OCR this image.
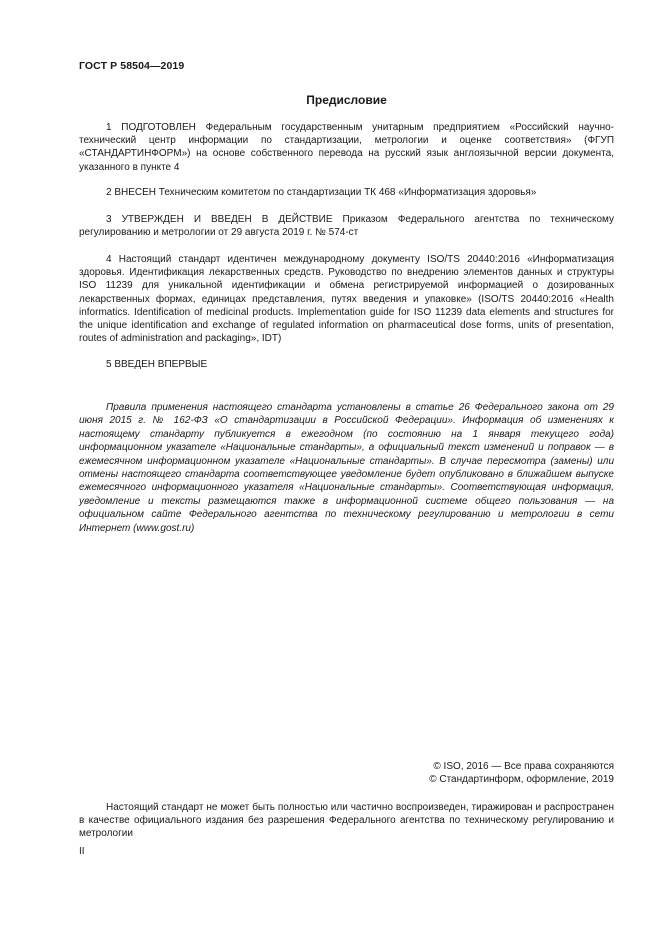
ГОСТ Р 58504—2019
Предисловие

1 ПОДГОТОВЛЕН Федеральным государственным унитарным предприятием «Российский научно-технический центр информации по стандартизации, метрологии и оценке соответствия» (ФГУП «СТАНДАРТИНФОРМ») на основе собственного перевода на русский язык англоязычной версии документа, указанного в пункте 4

2 ВНЕСЕН Техническим комитетом по стандартизации ТК 468 «Информатизация здоровья»

3 УТВЕРЖДЕН И ВВЕДЕН В ДЕЙСТВИЕ Приказом Федерального агентства по техническому регулированию и метрологии от 29 августа 2019 г. № 574-ст

4 Настоящий стандарт идентичен международному документу ISO/TS 20440:2016 «Информатизация здоровья. Идентификация лекарственных средств. Руководство по внедрению элементов данных и структуры ISO 11239 для уникальной идентификации и обмена регистрируемой информацией о дозированных лекарственных формах, единицах представления, путях введения и упаковке» (ISO/TS 20440:2016 «Health informatics. Identification of medicinal products. Implementation guide for ISO 11239 data elements and structures for the unique identification and exchange of regulated information on pharmaceutical dose forms, units of presentation, routes of administration and packaging», IDT)

5 ВВЕДЕН ВПЕРВЫЕ

Правила применения настоящего стандарта установлены в статье 26 Федерального закона от 29 июня 2015 г. № 162-ФЗ «О стандартизации в Российской Федерации». Информация об изменениях к настоящему стандарту публикуется в ежегодном (по состоянию на 1 января текущего года) информационном указателе «Национальные стандарты», а официальный текст изменений и поправок — в ежемесячном информационном указателе «Национальные стандарты». В случае пересмотра (замены) или отмены настоящего стандарта соответствующее уведомление будет опубликовано в ближайшем выпуске ежемесячного информационного указателя «Национальные стандарты». Соответствующая информация, уведомление и тексты размещаются также в информационной системе общего пользования — на официальном сайте Федерального агентства по техническому регулированию и метрологии в сети Интернет (www.gost.ru)

© ISO, 2016 — Все права сохраняются
© Стандартинформ, оформление, 2019

Настоящий стандарт не может быть полностью или частично воспроизведен, тиражирован и распространен в качестве официального издания без разрешения Федерального агентства по техническому регулированию и метрологии

II
